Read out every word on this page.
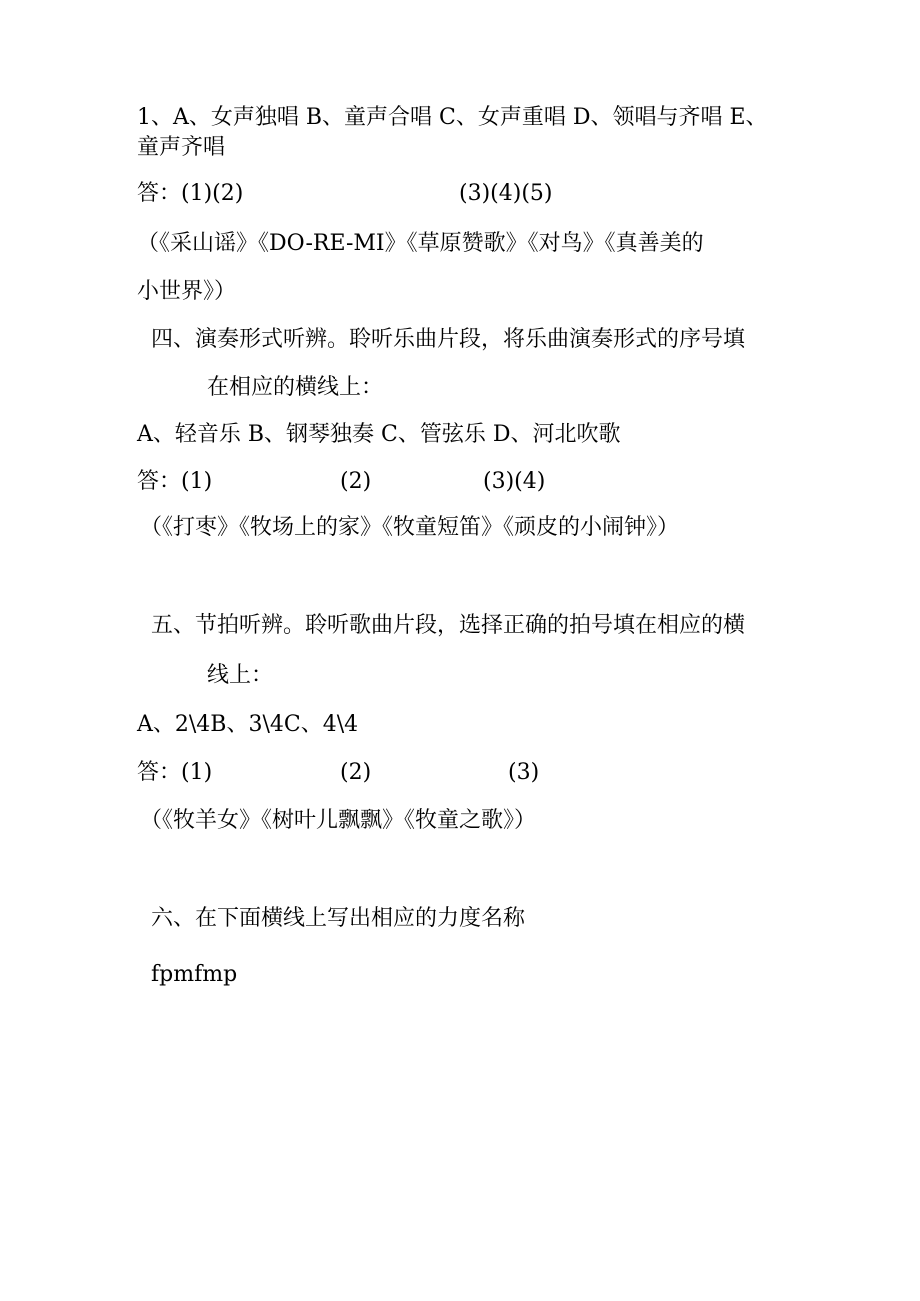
1、A、女声独唱 B、童声合唱 C、女声重唱 D、领唱与齐唱 E、
童声齐唱
答：(1)(2)	(3)(4)(5)
（《采山谣》《DO-RE-MI》《草原赞歌》《对鸟》《真善美的
小世界》）
四、演奏形式听辨。聆听乐曲片段，将乐曲演奏形式的序号填
在相应的横线上：
A、轻音乐 B、钢琴独奏 C、管弦乐 D、河北吹歌
答：(1)	(2)	(3)(4)
（《打枣》《牧场上的家》《牧童短笛》《顽皮的小闹钟》）
五、节拍听辨。聆听歌曲片段，选择正确的拍号填在相应的横
线上：
A、2\4B、3\4C、4\4
答：(1)	(2)	(3)
（《牧羊女》《树叶儿飘飘》《牧童之歌》）
六、在下面横线上写出相应的力度名称
fpmfmp
